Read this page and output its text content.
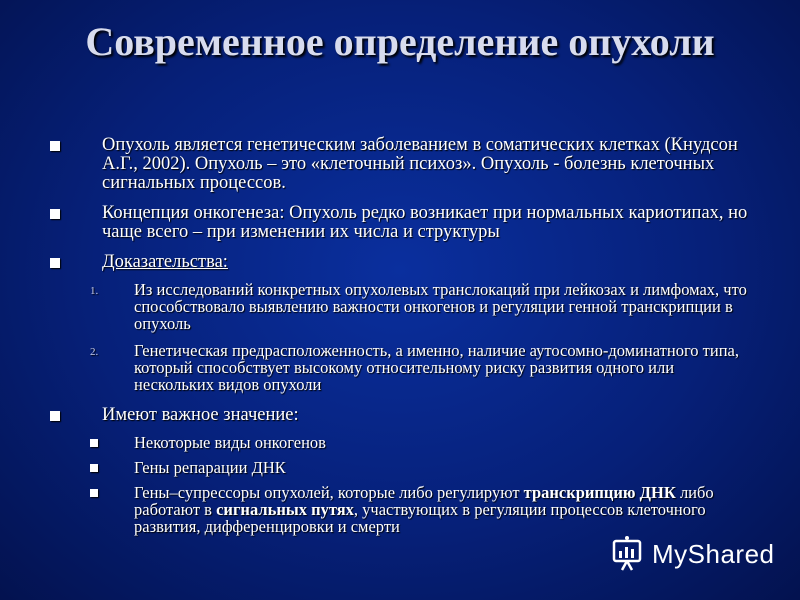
Современное определение опухоли
Опухоль является генетическим заболеванием в соматических клетках (Кнудсон А.Г., 2002). Опухоль – это «клеточный психоз». Опухоль - болезнь клеточных сигнальных процессов.
Концепция онкогенеза: Опухоль редко возникает при нормальных кариотипах, но чаще всего – при изменении их числа и структуры
Доказательства:
1. Из исследований конкретных опухолевых транслокаций при лейкозах и лимфомах, что способствовало выявлению важности онкогенов и регуляции генной транскрипции в опухоль
2. Генетическая предрасположенность, а именно, наличие аутосомно-доминатного типа, который способствует высокому относительному риску развития одного или нескольких видов опухоли
Имеют важное значение:
Некоторые виды онкогенов
Гены репарации ДНК
Гены–супрессоры опухолей, которые либо регулируют транскрипцию ДНК либо работают в сигнальных путях, участвующих в регуляции процессов клеточного развития, дифференцировки и смерти
MyShared
